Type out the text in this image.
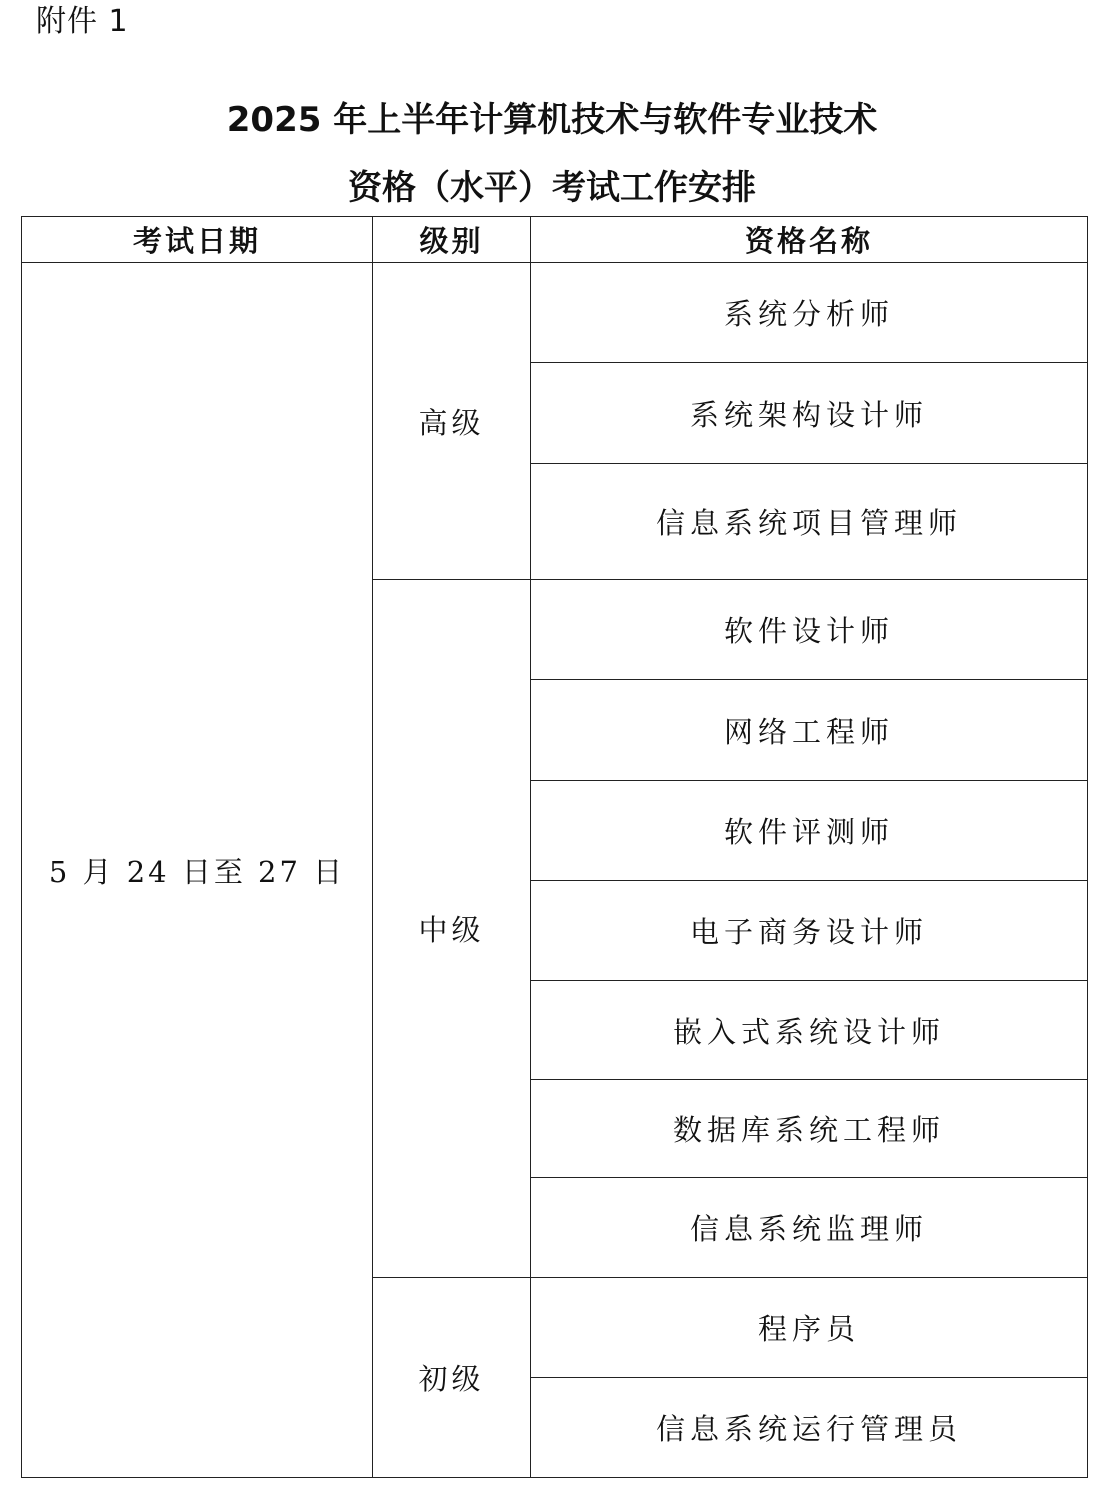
附件 1
2025 年上半年计算机技术与软件专业技术
资格（水平）考试工作安排
考试日期	级别	资格名称
5 月 24 日至 27 日	高级	系统分析师
		系统架构设计师
		信息系统项目管理师
	中级	软件设计师
		网络工程师
		软件评测师
		电子商务设计师
		嵌入式系统设计师
		数据库系统工程师
		信息系统监理师
	初级	程序员
		信息系统运行管理员
